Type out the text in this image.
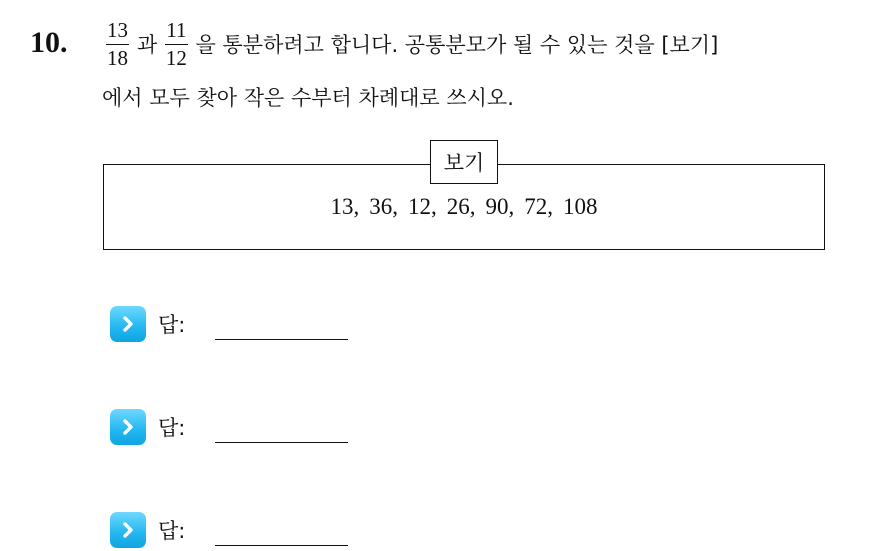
10. $\frac{13}{18}$ 과 $\frac{11}{12}$ 을 통분하려고 합니다. 공통분모가 될 수 있는 것을 [보기]
에서 모두 찾아 작은 수부터 차례대로 쓰시오.
보기
13, 36, 12, 26, 90, 72, 108
답:
답:
답:
